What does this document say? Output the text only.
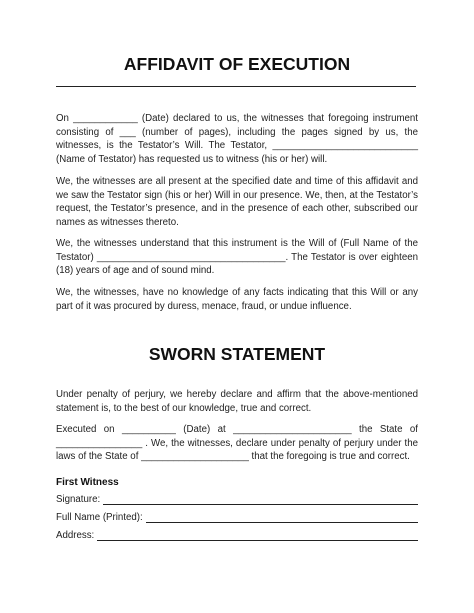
AFFIDAVIT OF EXECUTION
On ____________ (Date) declared to us, the witnesses that foregoing instrument consisting of ___ (number of pages), including the pages signed by us, the witnesses, is the Testator’s Will. The Testator, ___________________________ (Name of Testator) has requested us to witness (his or her) will.
We, the witnesses are all present at the specified date and time of this affidavit and we saw the Testator sign (his or her) Will in our presence. We, then, at the Testator’s request, the Testator’s presence, and in the presence of each other, subscribed our names as witnesses thereto.
We, the witnesses understand that this instrument is the Will of (Full Name of the Testator) ___________________________________. The Testator is over eighteen (18) years of age and of sound mind.
We, the witnesses, have no knowledge of any facts indicating that this Will or any part of it was procured by duress, menace, fraud, or undue influence.
SWORN STATEMENT
Under penalty of perjury, we hereby declare and affirm that the above-mentioned statement is, to the best of our knowledge, true and correct.
Executed on __________ (Date) at ______________________ the State of ________________ . We, the witnesses, declare under penalty of perjury under the laws of the State of ____________________ that the foregoing is true and correct.
First Witness
Signature:
Full Name (Printed):
Address:
